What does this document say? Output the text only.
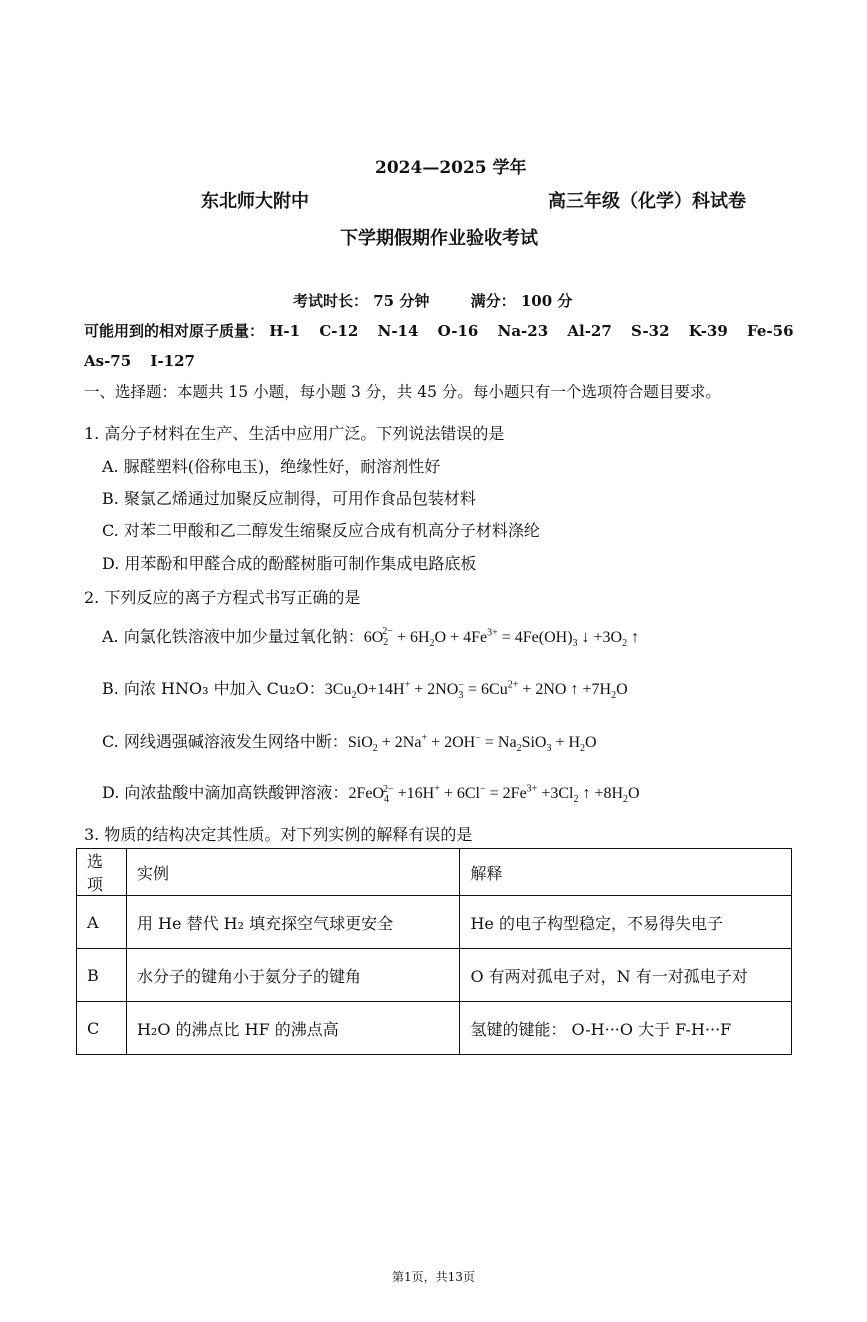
2024—2025 学年
东北师大附中	高三年级（化学）科试卷
下学期假期作业验收考试
考试时长： 75 分钟	满分： 100 分
可能用到的相对原子质量： H-1 C-12 N-14 O-16 Na-23 Al-27 S-32 K-39 Fe-56
As-75 I-127
一、选择题：本题共 15 小题，每小题 3 分，共 45 分。每小题只有一个选项符合题目要求。
1. 高分子材料在生产、生活中应用广泛。下列说法错误的是
A. 脲醛塑料(俗称电玉)，绝缘性好，耐溶剂性好
B. 聚氯乙烯通过加聚反应制得，可用作食品包装材料
C. 对苯二甲酸和乙二醇发生缩聚反应合成有机高分子材料涤纶
D. 用苯酚和甲醛合成的酚醛树脂可制作集成电路底板
2. 下列反应的离子方程式书写正确的是
A. 向氯化铁溶液中加少量过氧化钠：$6O_2^{2-} + 6H_2O + 4Fe^{3+} = 4Fe(OH)_3$ ↓ $+3O_2$ ↑
B. 向浓 HNO₃ 中加入 Cu₂O：$3Cu_2O+14H^+ + 2NO_3^- = 6Cu^{2+} + 2NO$ ↑ $+7H_2O$
C. 网线遇强碱溶液发生网络中断：$SiO_2 + 2Na^+ + 2OH^- = Na_2SiO_3 + H_2O$
D. 向浓盐酸中滴加高铁酸钾溶液：$2FeO_4^{2-} +16H^+ + 6Cl^- = 2Fe^{3+} +3Cl_2$ ↑ $+8H_2O$
3. 物质的结构决定其性质。对下列实例的解释有误的是
选项	实例	解释
A	用 He 替代 H₂ 填充探空气球更安全	He 的电子构型稳定，不易得失电子
B	水分子的键角小于氨分子的键角	O 有两对孤电子对，N 有一对孤电子对
C	H₂O 的沸点比 HF 的沸点高	氢键的键能： O-H···O 大于 F-H···F
第1页，共13页
